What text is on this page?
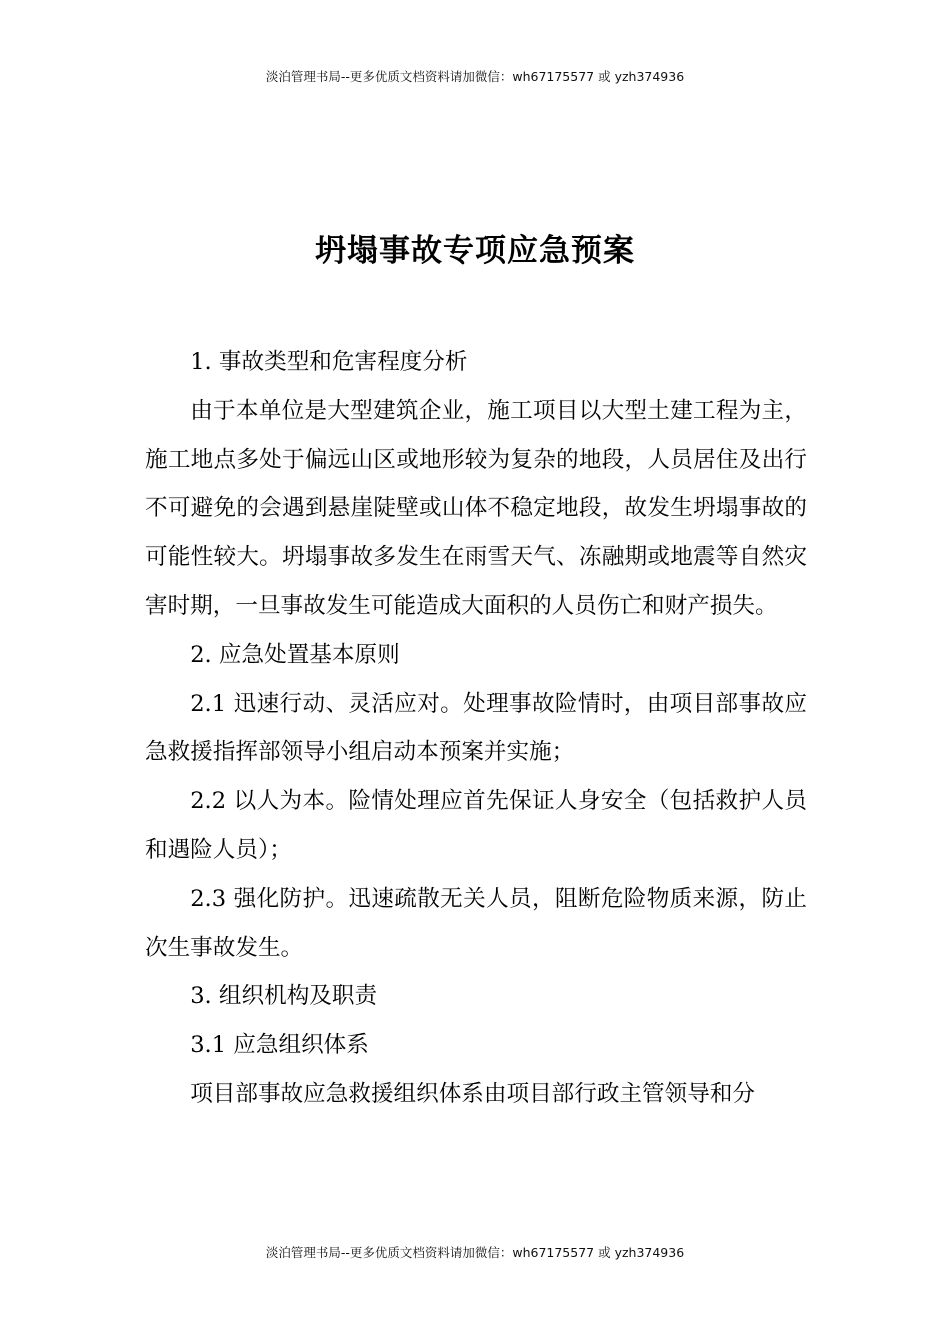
淡泊管理书局--更多优质文档资料请加微信：wh67175577 或 yzh374936
坍塌事故专项应急预案

1. 事故类型和危害程度分析

由于本单位是大型建筑企业，施工项目以大型土建工程为主，施工地点多处于偏远山区或地形较为复杂的地段，人员居住及出行不可避免的会遇到悬崖陡壁或山体不稳定地段，故发生坍塌事故的可能性较大。坍塌事故多发生在雨雪天气、冻融期或地震等自然灾害时期，一旦事故发生可能造成大面积的人员伤亡和财产损失。

2. 应急处置基本原则

2.1 迅速行动、灵活应对。处理事故险情时，由项目部事故应急救援指挥部领导小组启动本预案并实施；

2.2 以人为本。险情处理应首先保证人身安全（包括救护人员和遇险人员）；

2.3 强化防护。迅速疏散无关人员，阻断危险物质来源，防止次生事故发生。

3. 组织机构及职责

3.1 应急组织体系

项目部事故应急救援组织体系由项目部行政主管领导和分

淡泊管理书局--更多优质文档资料请加微信：wh67175577 或 yzh374936
